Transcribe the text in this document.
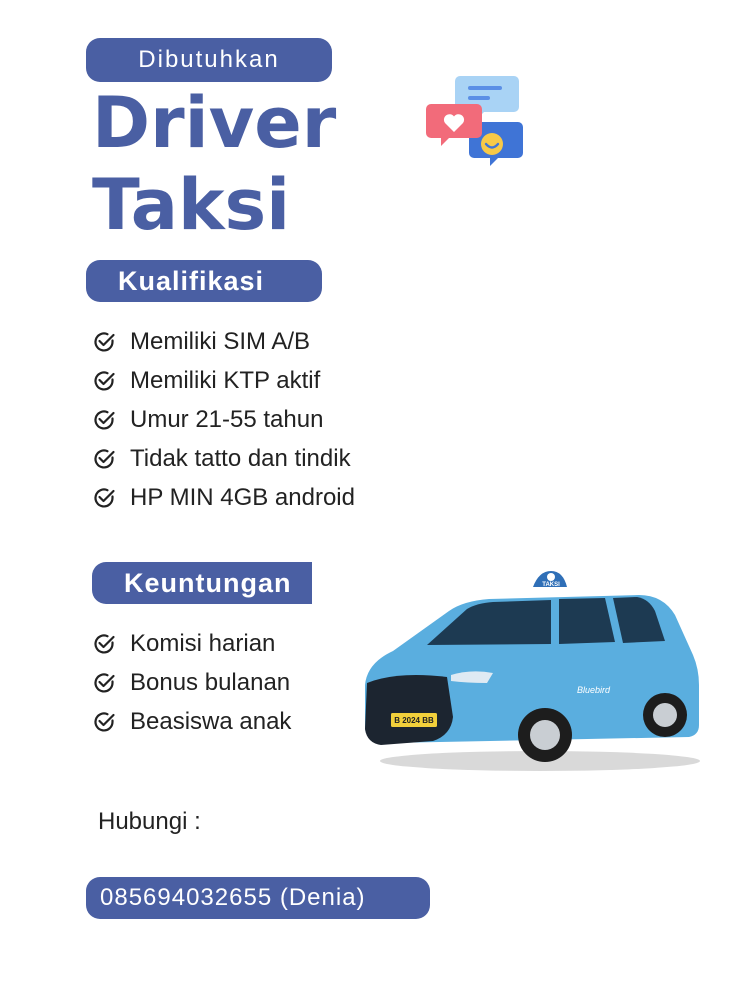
Dibutuhkan
Driver
Taksi
Kualifikasi
Memiliki SIM A/B
Memiliki KTP aktif
Umur 21-55 tahun
Tidak tatto dan tindik
HP MIN 4GB android
Keuntungan
Komisi harian
Bonus bulanan
Beasiswa anak
TAKSI
B 2024 BB
Bluebird
Hubungi :
085694032655 (Denia)
